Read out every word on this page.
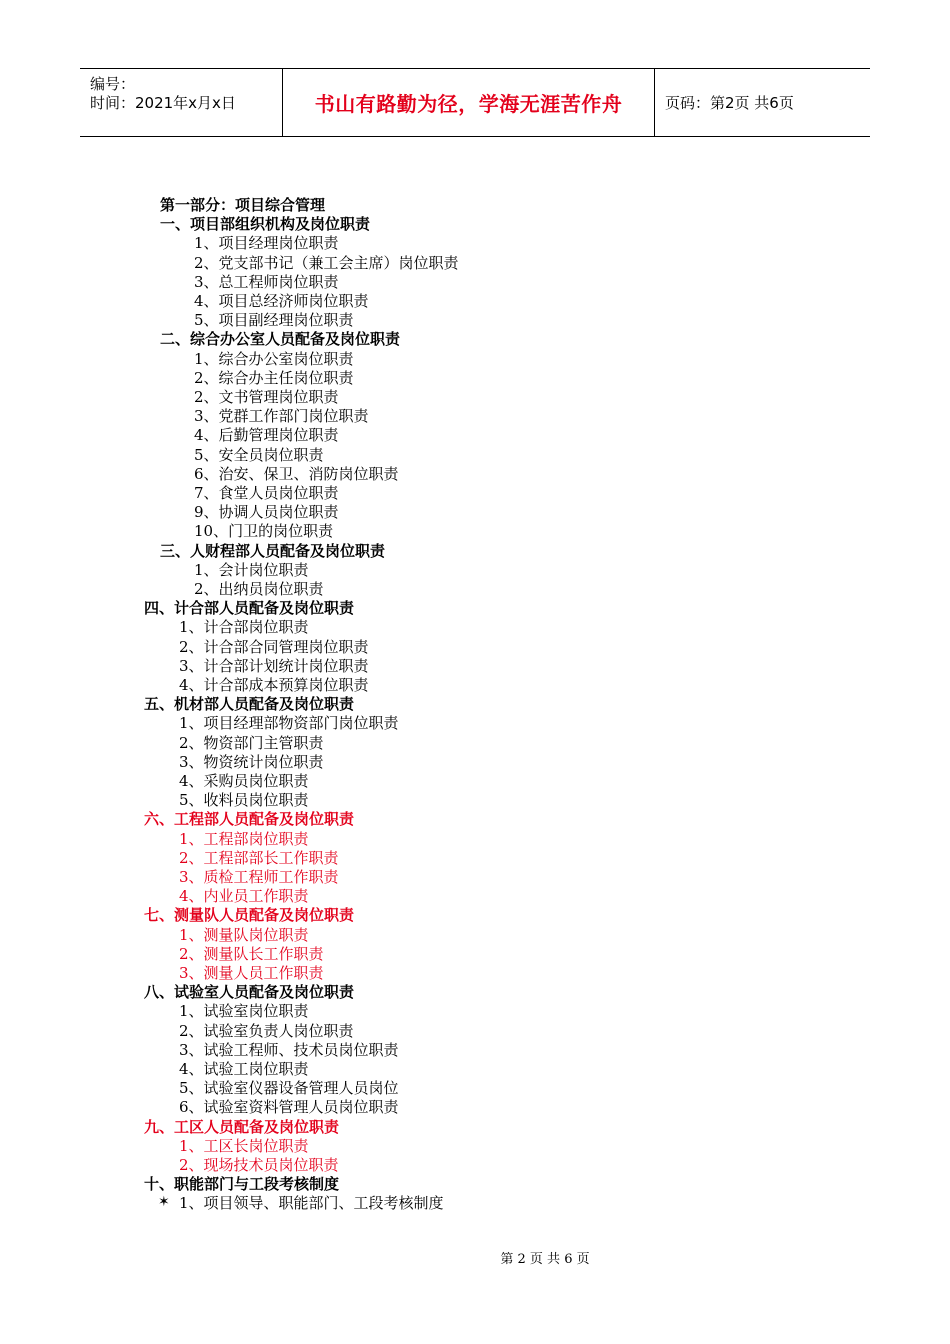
编号：
时间：2021年x月x日	书山有路勤为径，学海无涯苦作舟	页码：第2页 共6页
第一部分：项目综合管理
一、项目部组织机构及岗位职责
1、项目经理岗位职责
2、党支部书记（兼工会主席）岗位职责
3、总工程师岗位职责
4、项目总经济师岗位职责
5、项目副经理岗位职责
二、综合办公室人员配备及岗位职责
1、综合办公室岗位职责
2、综合办主任岗位职责
2、文书管理岗位职责
3、党群工作部门岗位职责
4、后勤管理岗位职责
5、安全员岗位职责
6、治安、保卫、消防岗位职责
7、食堂人员岗位职责
9、协调人员岗位职责
10、门卫的岗位职责
三、人财程部人员配备及岗位职责
1、会计岗位职责
2、出纳员岗位职责
四、计合部人员配备及岗位职责
1、计合部岗位职责
2、计合部合同管理岗位职责
3、计合部计划统计岗位职责
4、计合部成本预算岗位职责
五、机材部人员配备及岗位职责
1、项目经理部物资部门岗位职责
2、物资部门主管职责
3、物资统计岗位职责
4、采购员岗位职责
5、收料员岗位职责
六、工程部人员配备及岗位职责
1、工程部岗位职责
2、工程部部长工作职责
3、质检工程师工作职责
4、内业员工作职责
七、测量队人员配备及岗位职责
1、测量队岗位职责
2、测量队长工作职责
3、测量人员工作职责
八、试验室人员配备及岗位职责
1、试验室岗位职责
2、试验室负责人岗位职责
3、试验工程师、技术员岗位职责
4、试验工岗位职责
5、试验室仪器设备管理人员岗位
6、试验室资料管理人员岗位职责
九、工区人员配备及岗位职责
1、工区长岗位职责
2、现场技术员岗位职责
十、职能部门与工段考核制度
✶ 1、项目领导、职能部门、工段考核制度
第 2 页 共 6 页
